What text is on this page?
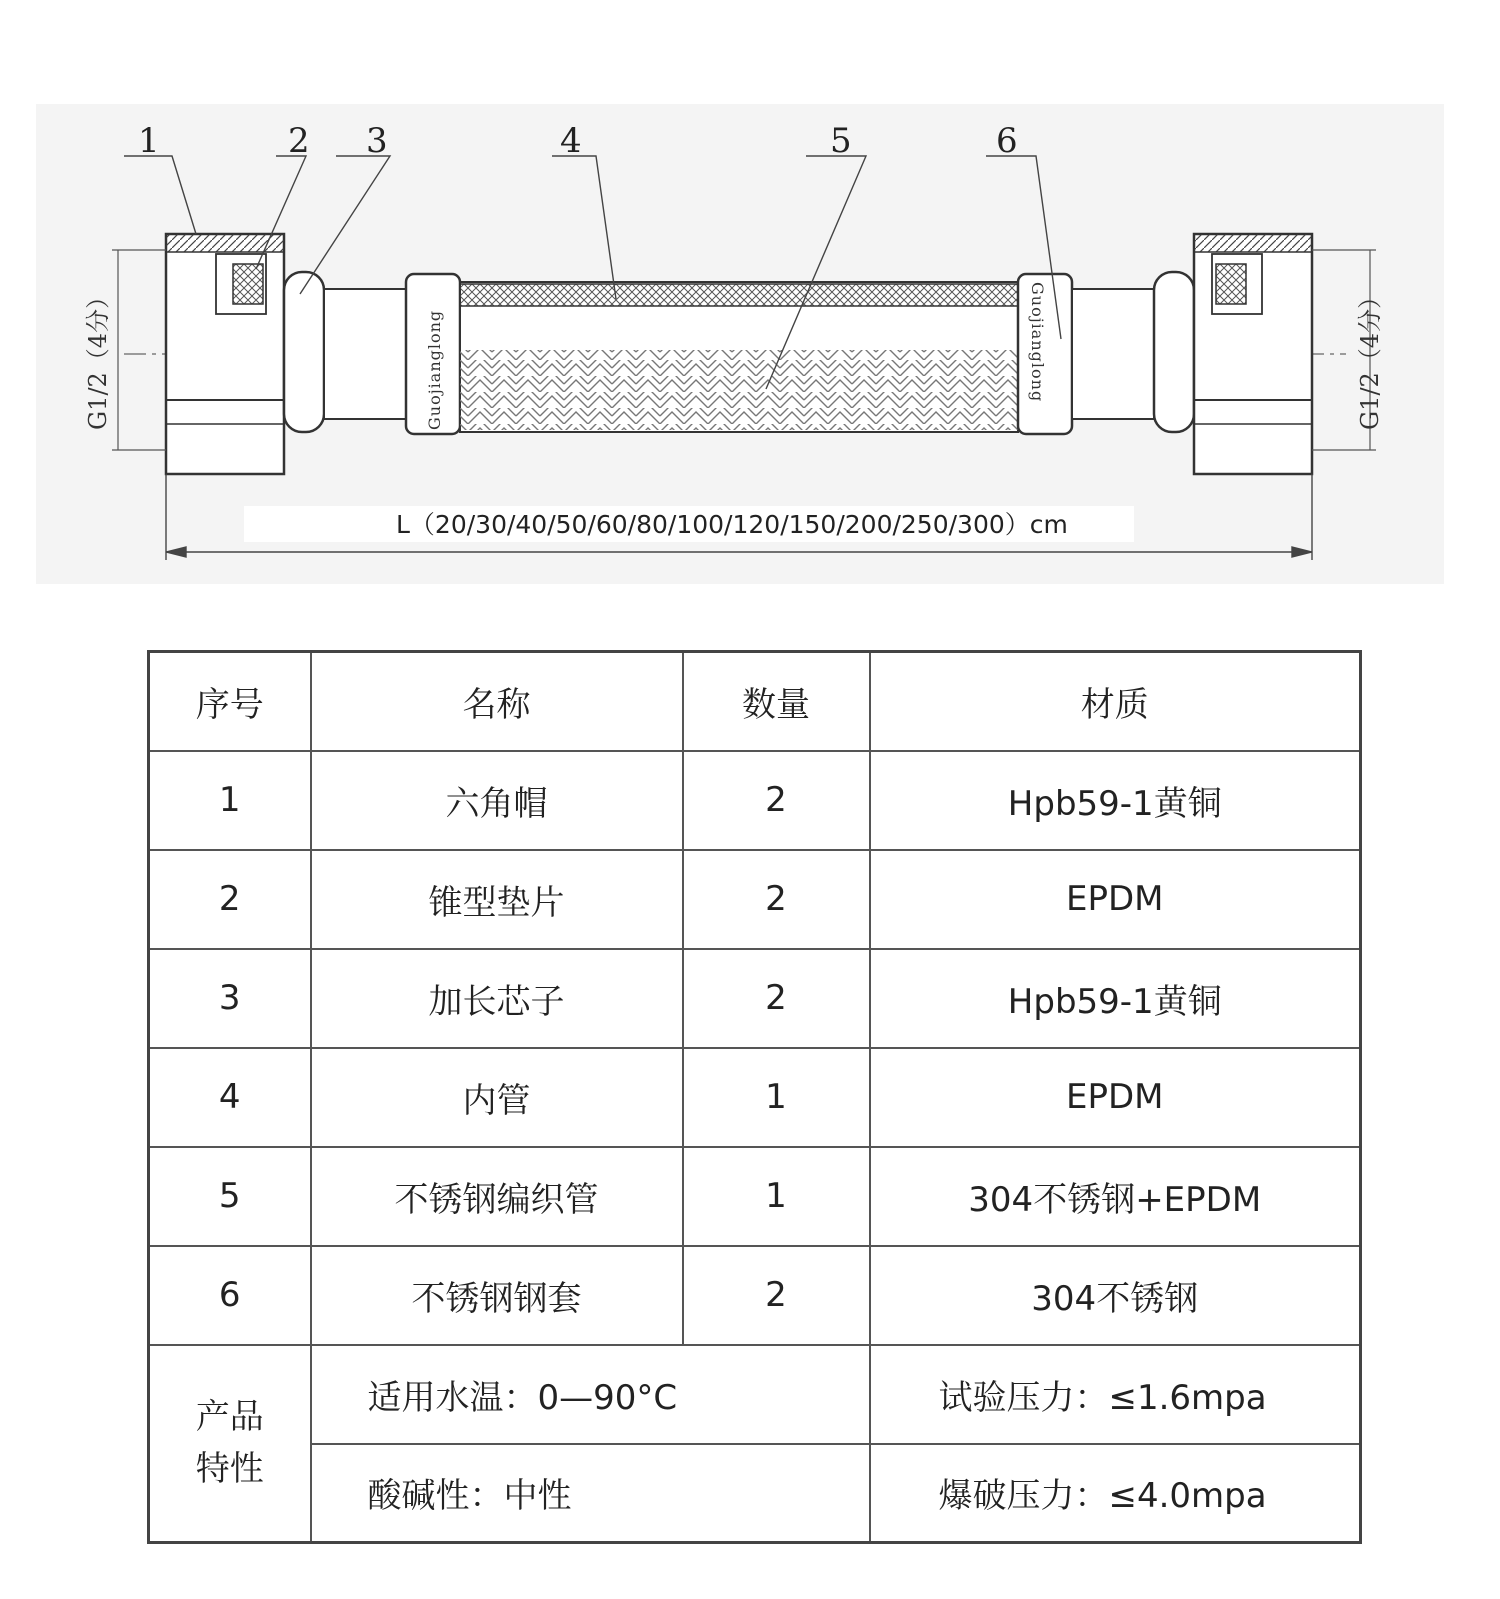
Guojianglong	Guojianglong
1	2 3	4	5	6
G1/2（4分）	G1/2（4分）
L（20/30/40/50/60/80/100/120/150/200/250/300）cm
序号	名称	数量	材质
1	六角帽	2	Hpb59-1黄铜
2	锥型垫片	2	EPDM
3	加长芯子	2	Hpb59-1黄铜
4	内管	1	EPDM
5	不锈钢编织管	1	304不锈钢+EPDM
6	不锈钢钢套	2	304不锈钢
产品特性	适用水温：0—90°C		试验压力：≤1.6mpa
	酸碱性：中性		爆破压力：≤4.0mpa
